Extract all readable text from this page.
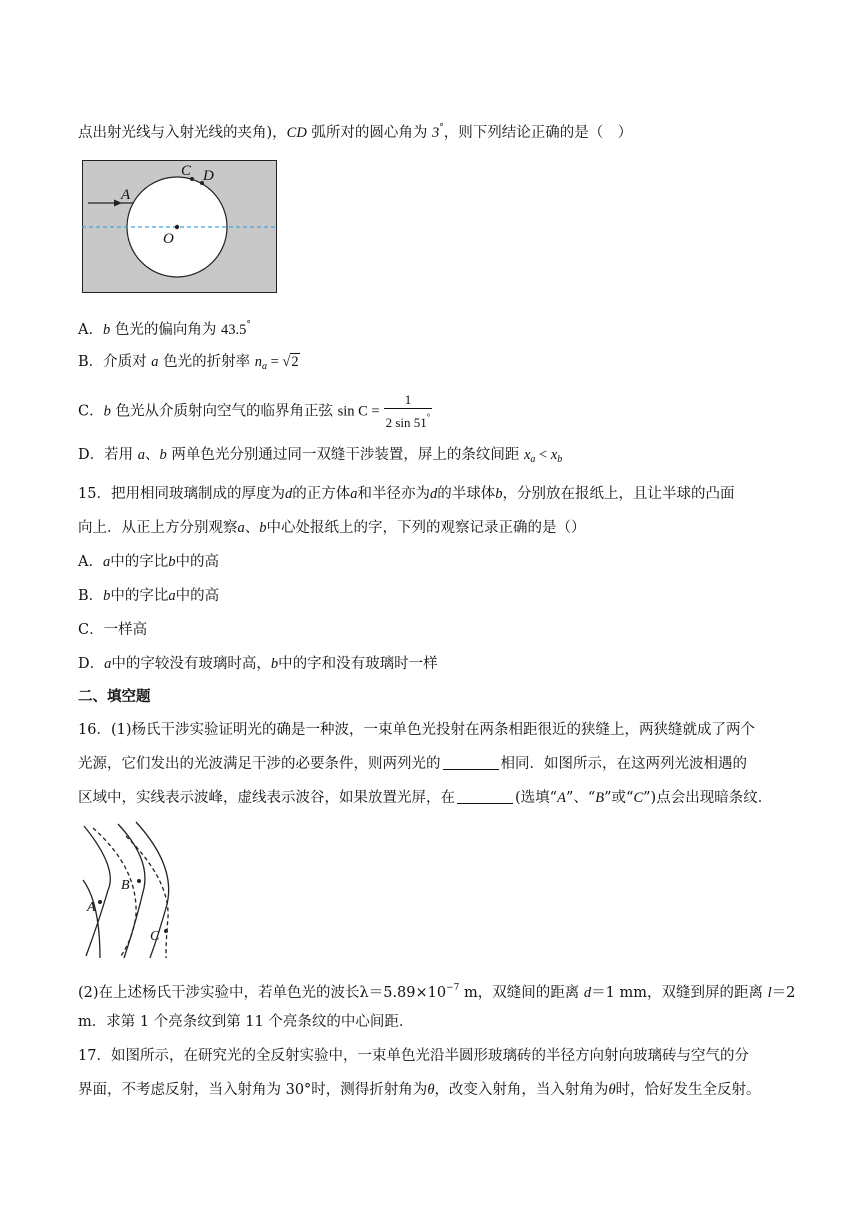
点出射光线与入射光线的夹角)，CD 弧所对的圆心角为 3°，则下列结论正确的是（　）
A
C D
O
A．b 色光的偏向角为 43.5°
B．介质对 a 色光的折射率 $n_a = √2$
C．b 色光从介质射向空气的临界角正弦 $\sin C = \frac{1}{2 \sin 51^\circ}$
D．若用 a、b 两单色光分别通过同一双缝干涉装置，屏上的条纹间距 $x_a < x_b$
15．把用相同玻璃制成的厚度为d的正方体a和半径亦为d的半球体b，分别放在报纸上，且让半球的凸面
向上．从正上方分别观察a、b中心处报纸上的字，下列的观察记录正确的是（）
A．a中的字比b中的高
B．b中的字比a中的高
C．一样高
D．a中的字较没有玻璃时高，b中的字和没有玻璃时一样
二、填空题
16．(1)杨氏干涉实验证明光的确是一种波，一束单色光投射在两条相距很近的狭缝上，两狭缝就成了两个
光源，它们发出的光波满足干涉的必要条件，则两列光的	相同．如图所示，在这两列光波相遇的
区域中，实线表示波峰，虚线表示波谷，如果放置光屏，在	(选填“A”、“B”或“C”)点会出现暗条纹．
A
B
C
(2)在上述杨氏干涉实验中，若单色光的波长$\lambda=5.89\times 10^{-7}$ m，双缝间的距离 d＝1 mm，双缝到屏的距离 l＝2
m．求第 1 个亮条纹到第 11 个亮条纹的中心间距．
17．如图所示，在研究光的全反射实验中，一束单色光沿半圆形玻璃砖的半径方向射向玻璃砖与空气的分
界面，不考虑反射，当入射角为 30°时，测得折射角为θ，改变入射角，当入射角为θ时，恰好发生全反射。
